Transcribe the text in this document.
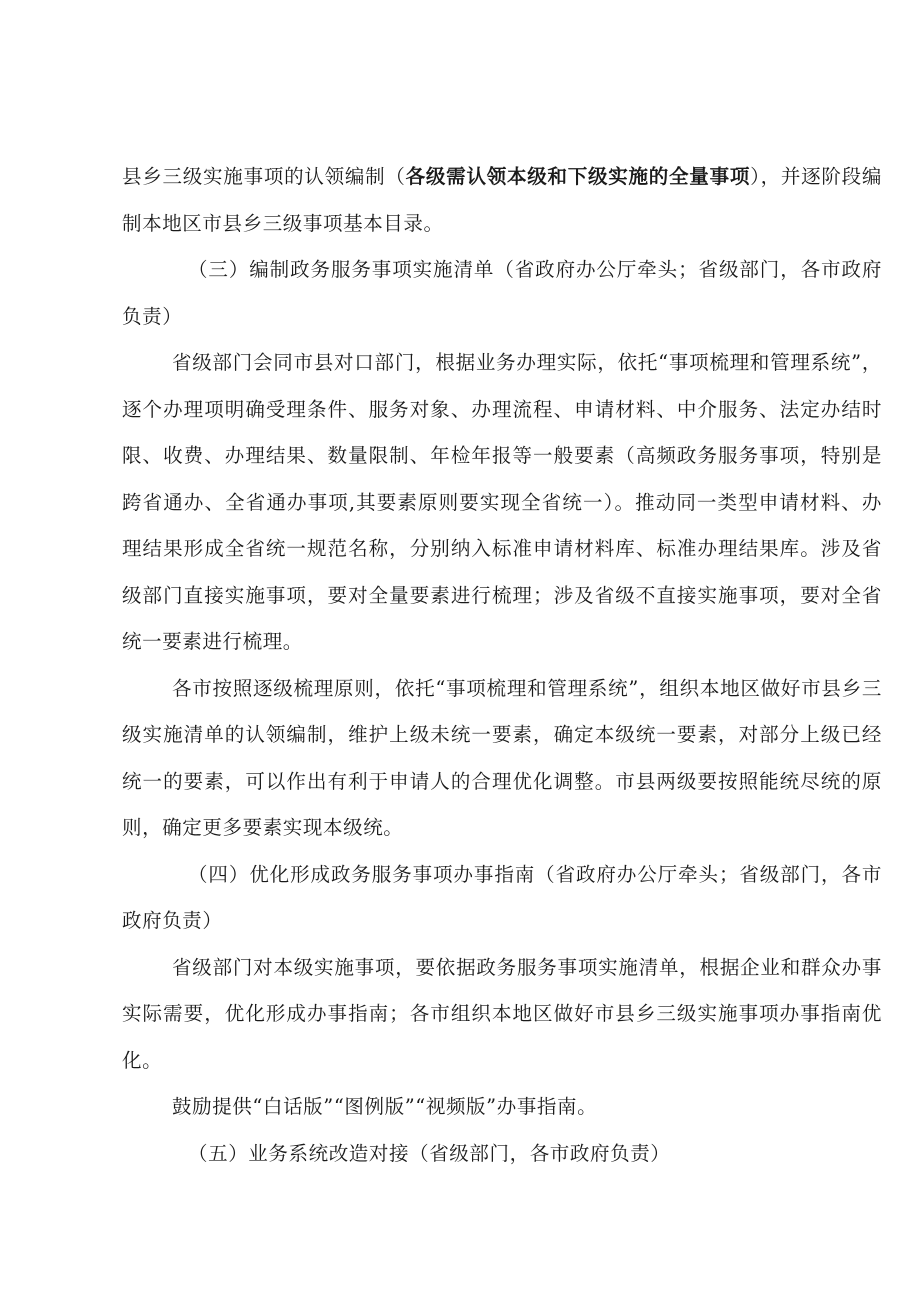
县乡三级实施事项的认领编制（各级需认领本级和下级实施的全量事项），并逐阶段编制本地区市县乡三级事项基本目录。

（三）编制政务服务事项实施清单（省政府办公厅牵头；省级部门，各市政府负责）

省级部门会同市县对口部门，根据业务办理实际，依托“事项梳理和管理系统”，逐个办理项明确受理条件、服务对象、办理流程、申请材料、中介服务、法定办结时限、收费、办理结果、数量限制、年检年报等一般要素（高频政务服务事项，特别是跨省通办、全省通办事项,其要素原则要实现全省统一）。推动同一类型申请材料、办理结果形成全省统一规范名称，分别纳入标准申请材料库、标准办理结果库。涉及省级部门直接实施事项，要对全量要素进行梳理；涉及省级不直接实施事项，要对全省统一要素进行梳理。

各市按照逐级梳理原则，依托“事项梳理和管理系统”，组织本地区做好市县乡三级实施清单的认领编制，维护上级未统一要素，确定本级统一要素，对部分上级已经统一的要素，可以作出有利于申请人的合理优化调整。市县两级要按照能统尽统的原则，确定更多要素实现本级统。

（四）优化形成政务服务事项办事指南（省政府办公厅牵头；省级部门，各市政府负责）

省级部门对本级实施事项，要依据政务服务事项实施清单，根据企业和群众办事实际需要，优化形成办事指南；各市组织本地区做好市县乡三级实施事项办事指南优化。

鼓励提供“白话版”“图例版”“视频版”办事指南。

（五）业务系统改造对接（省级部门，各市政府负责）
